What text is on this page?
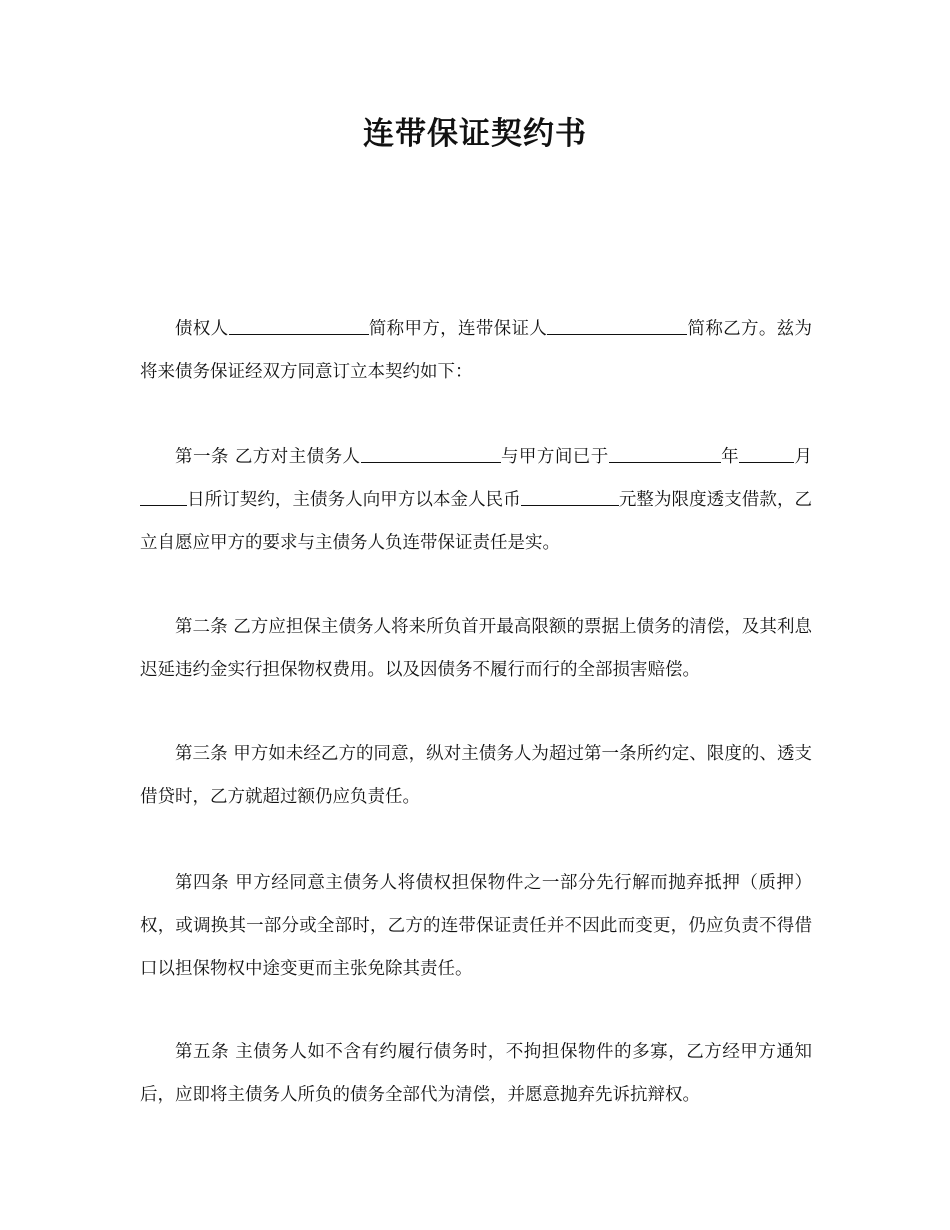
连带保证契约书

债权人	简称甲方，连带保证人	简称乙方。兹为将来债务保证经双方同意订立本契约如下：

第一条 乙方对主债务人	与甲方间已于	年	月日所订契约，主债务人向甲方以本金人民币	元整为限度透支借款，乙立自愿应甲方的要求与主债务人负连带保证责任是实。

第二条 乙方应担保主债务人将来所负首开最高限额的票据上债务的清偿，及其利息迟延违约金实行担保物权费用。以及因债务不履行而行的全部损害赔偿。

第三条 甲方如未经乙方的同意，纵对主债务人为超过第一条所约定、限度的、透支借贷时，乙方就超过额仍应负责任。

第四条 甲方经同意主债务人将债权担保物件之一部分先行解而抛弃抵押（质押）权，或调换其一部分或全部时，乙方的连带保证责任并不因此而变更，仍应负责不得借口以担保物权中途变更而主张免除其责任。

第五条 主债务人如不含有约履行债务时，不拘担保物件的多寡，乙方经甲方通知后，应即将主债务人所负的债务全部代为清偿，并愿意抛弃先诉抗辩权。
